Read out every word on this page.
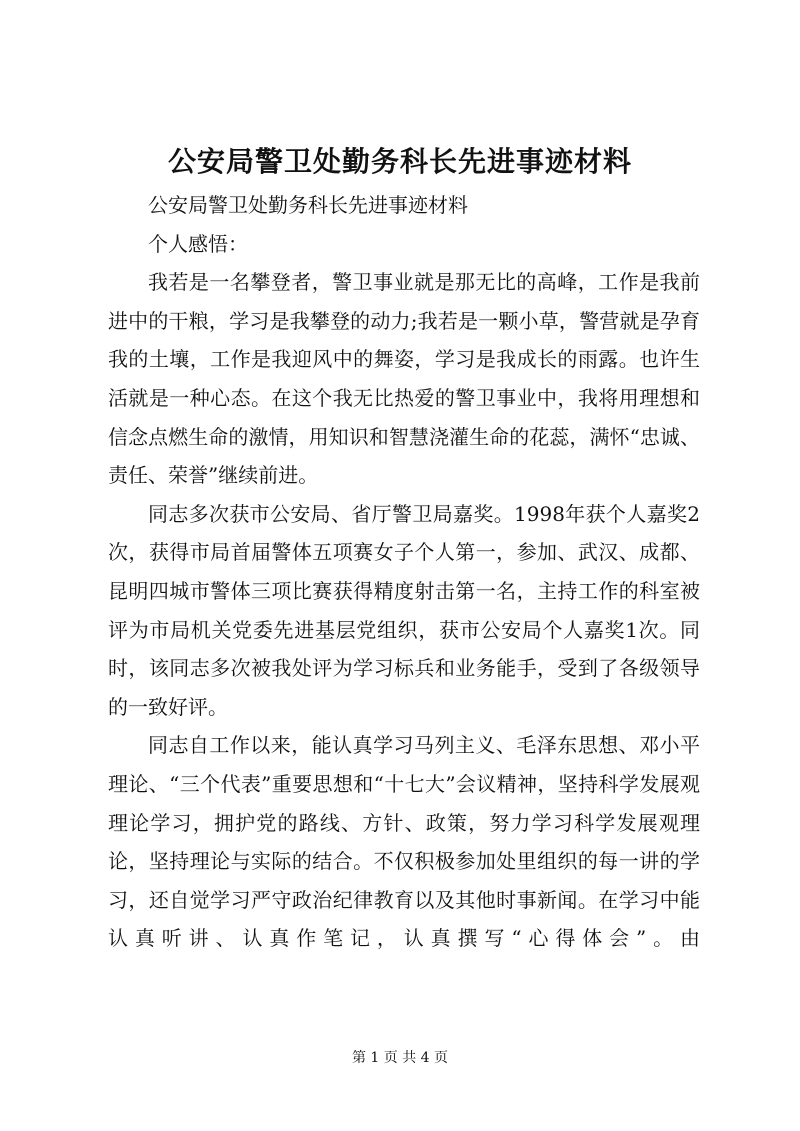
公安局警卫处勤务科长先进事迹材料

公安局警卫处勤务科长先进事迹材料

个人感悟：

我若是一名攀登者，警卫事业就是那无比的高峰，工作是我前进中的干粮，学习是我攀登的动力;我若是一颗小草，警营就是孕育我的土壤，工作是我迎风中的舞姿，学习是我成长的雨露。也许生活就是一种心态。在这个我无比热爱的警卫事业中，我将用理想和信念点燃生命的激情，用知识和智慧浇灌生命的花蕊，满怀“忠诚、责任、荣誉”继续前进。

同志多次获市公安局、省厅警卫局嘉奖。1998年获个人嘉奖2次，获得市局首届警体五项赛女子个人第一，参加、武汉、成都、昆明四城市警体三项比赛获得精度射击第一名，主持工作的科室被评为市局机关党委先进基层党组织，获市公安局个人嘉奖1次。同时，该同志多次被我处评为学习标兵和业务能手，受到了各级领导的一致好评。

同志自工作以来，能认真学习马列主义、毛泽东思想、邓小平理论、“三个代表”重要思想和“十七大”会议精神，坚持科学发展观理论学习，拥护党的路线、方针、政策，努力学习科学发展观理论，坚持理论与实际的结合。不仅积极参加处里组织的每一讲的学习，还自觉学习严守政治纪律教育以及其他时事新闻。在学习中能认真听讲、认真作笔记，认真撰写“心得体会”。由

第 1 页 共 4 页
